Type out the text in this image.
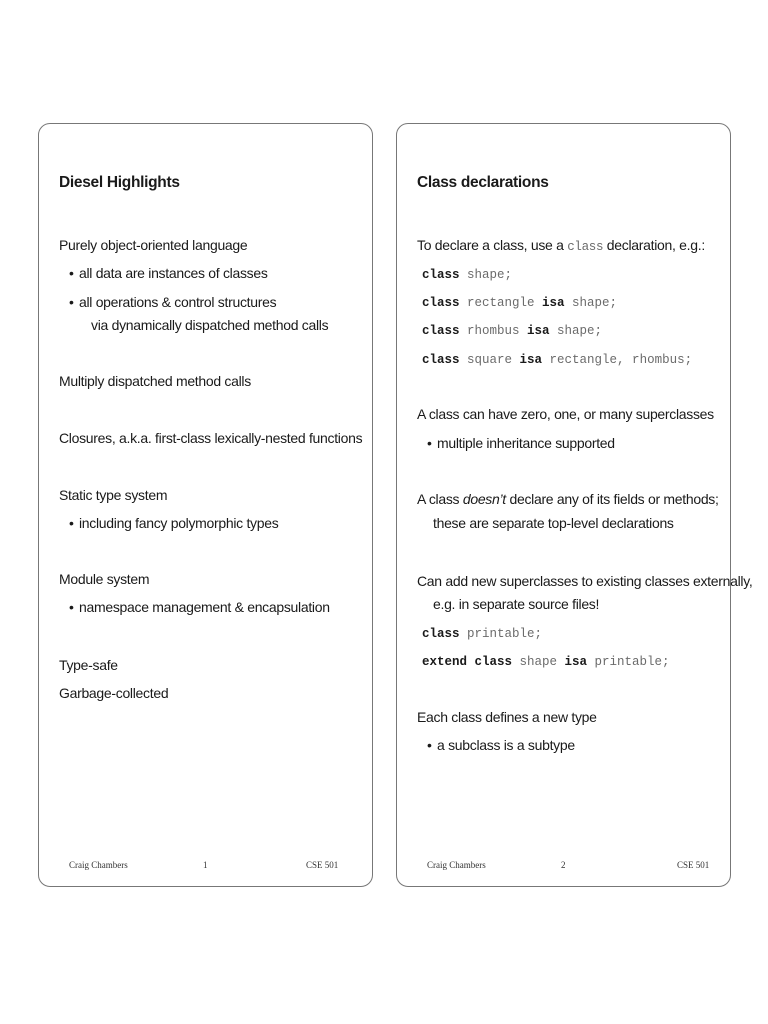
Diesel Highlights
Purely object-oriented language
• all data are instances of classes
• all operations & control structures
via dynamically dispatched method calls
Multiply dispatched method calls
Closures, a.k.a. first-class lexically-nested functions
Static type system
• including fancy polymorphic types
Module system
• namespace management & encapsulation
Type-safe
Garbage-collected
Craig Chambers	1	CSE 501
Class declarations
To declare a class, use a class declaration, e.g.:
class shape;
class rectangle isa shape;
class rhombus isa shape;
class square isa rectangle, rhombus;
A class can have zero, one, or many superclasses
• multiple inheritance supported
A class doesn’t declare any of its fields or methods;
these are separate top-level declarations
Can add new superclasses to existing classes externally,
e.g. in separate source files!
class printable;
extend class shape isa printable;
Each class defines a new type
• a subclass is a subtype
Craig Chambers	2	CSE 501
